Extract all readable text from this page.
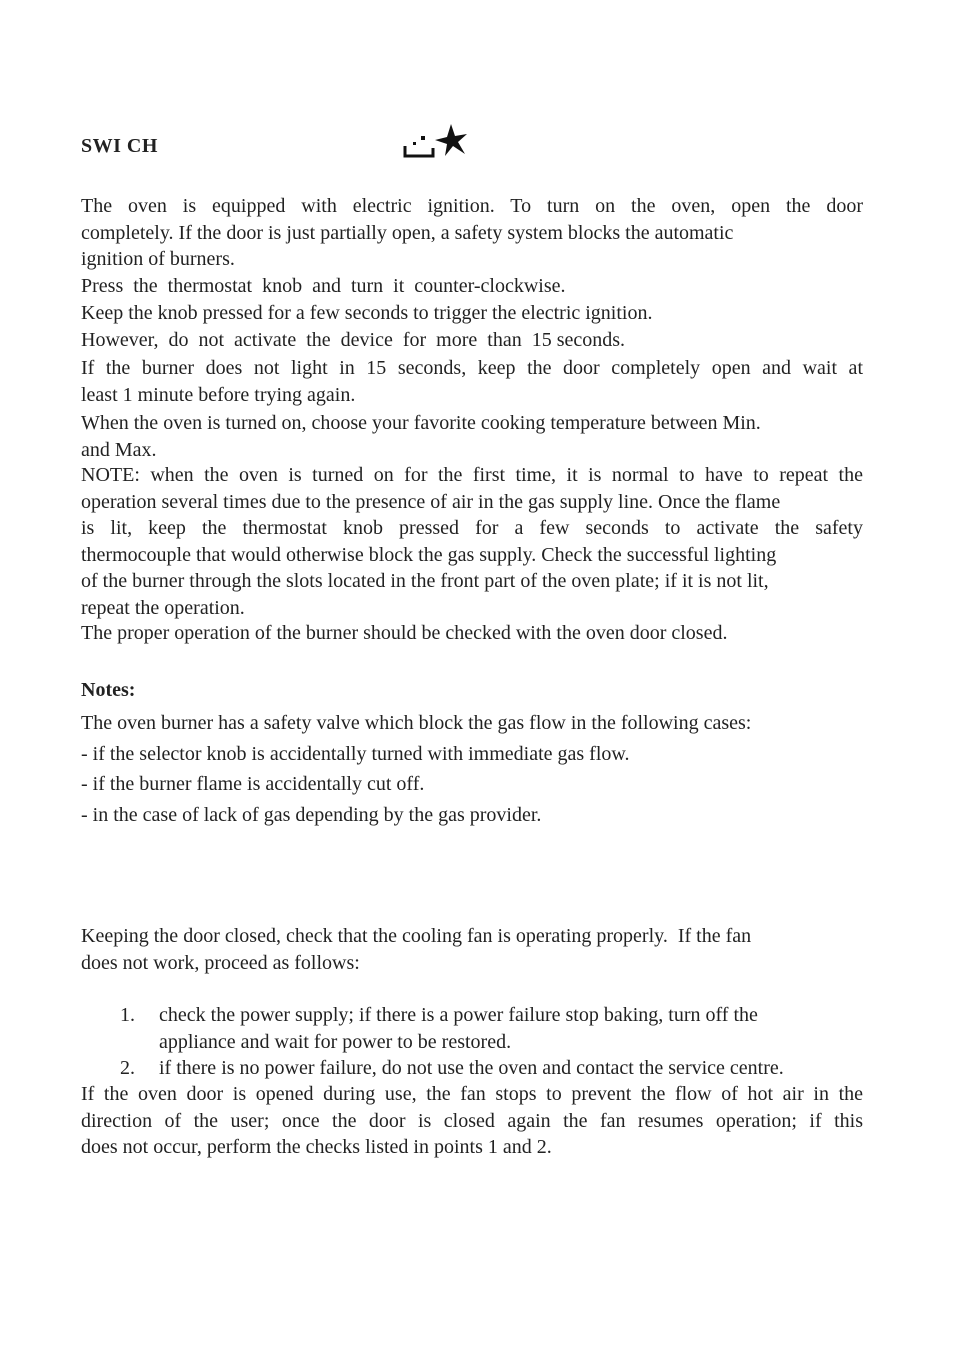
SWI CH
The oven is equipped with electric ignition. To turn on the oven, open the door
completely. If the door is just partially open, a safety system blocks the automatic
ignition of burners.
Press  the  thermostat  knob  and  turn  it  counter-clockwise.
Keep the knob pressed for a few seconds to trigger the electric ignition.
However,  do  not  activate  the  device  for  more  than  15 seconds.
If the burner does not light in 15 seconds, keep the door completely open and wait at
least 1 minute before trying again.
When the oven is turned on, choose your favorite cooking temperature between Min.
and Max.
NOTE: when the oven is turned on for the first time, it is normal to have to repeat the
operation several times due to the presence of air in the gas supply line. Once the flame
is lit, keep the thermostat knob pressed for a few seconds to activate the safety
thermocouple that would otherwise block the gas supply. Check the successful lighting
of the burner through the slots located in the front part of the oven plate; if it is not lit,
repeat the operation.
The proper operation of the burner should be checked with the oven door closed.
Notes:
The oven burner has a safety valve which block the gas flow in the following cases:
- if the selector knob is accidentally turned with immediate gas flow.
- if the burner flame is accidentally cut off.
- in the case of lack of gas depending by the gas provider.
Keeping the door closed, check that the cooling fan is operating properly.  If the fan
does not work, proceed as follows:
1. check the power supply; if there is a power failure stop baking, turn off the
appliance and wait for power to be restored.
2. if there is no power failure, do not use the oven and contact the service centre.
If the oven door is opened during use, the fan stops to prevent the flow of hot air in the
direction of the user; once the door is closed again the fan resumes operation; if this
does not occur, perform the checks listed in points 1 and 2.
